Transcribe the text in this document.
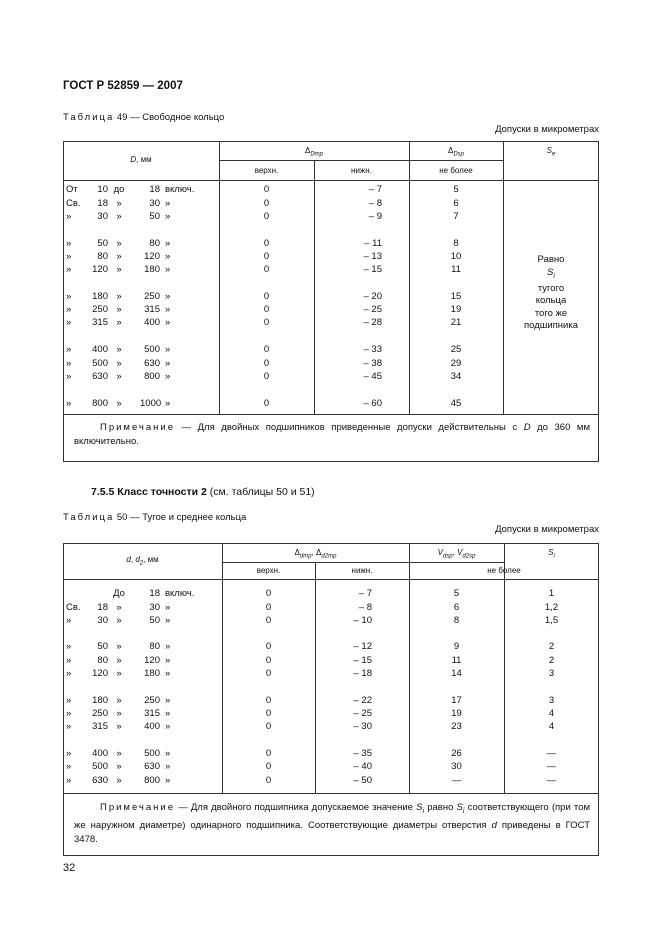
ГОСТ Р 52859 — 2007
Таблица 49 — Свободное кольцо
Допуски в микрометрах
D, мм
$\Delta_{Dmp}$	$\Delta_{Dsp}$	$S_e$
верхн.	нижн.	не более
От	10 до	18 включ.	0	– 7	5
Св.	18 »	30 »	0	– 8	6
»	30 »	50 »	0	– 9	7
»	50 »	80 »	0	– 11	8
»	80 »	120 »	0	– 13	10
»	120 »	180 »	0	– 15	11
»	180 »	250 »	0	– 20	15
»	250 »	315 »	0	– 25	19
»	315 »	400 »	0	– 28	21
»	400 »	500 »	0	– 33	25
»	500 »	630 »	0	– 38	29
»	630 »	800 »	0	– 45	34
»	800 »	1000 »	0	– 60	45
Равно
$S_i$
тугого
кольца
того же
подшипника
Примечание — Для двойных подшипников приведенные допуски действительны с D до 360 мм включительно.
7.5.5 Класс точности 2 (см. таблицы 50 и 51)
Таблица 50 — Тугое и среднее кольца
Допуски в микрометрах
d, $d_2$, мм
$\Delta_{dmp}$, $\Delta_{d2mp}$	$V_{dsp}$, $V_{d2sp}$	$S_i$
верхн.	нижн.	не более
До	18 включ.	0	– 7	5	1
Св.	18 »	30 »	0	– 8	6	1,2
»	30 »	50 »	0	– 10	8	1,5
»	50 »	80 »	0	– 12	9	2
»	80 »	120 »	0	– 15	11	2
»	120 »	180 »	0	– 18	14	3
»	180 »	250 »	0	– 22	17	3
»	250 »	315 »	0	– 25	19	4
»	315 »	400 »	0	– 30	23	4
»	400 »	500 »	0	– 35	26	—
»	500 »	630 »	0	– 40	30	—
»	630 »	800 »	0	– 50	—	—
Примечание — Для двойного подшипника допускаемое значение $S_i$ равно $S_i$ соответствующего (при том же наружном диаметре) одинарного подшипника. Соответствующие диаметры отверстия d приведены в ГОСТ 3478.
32
